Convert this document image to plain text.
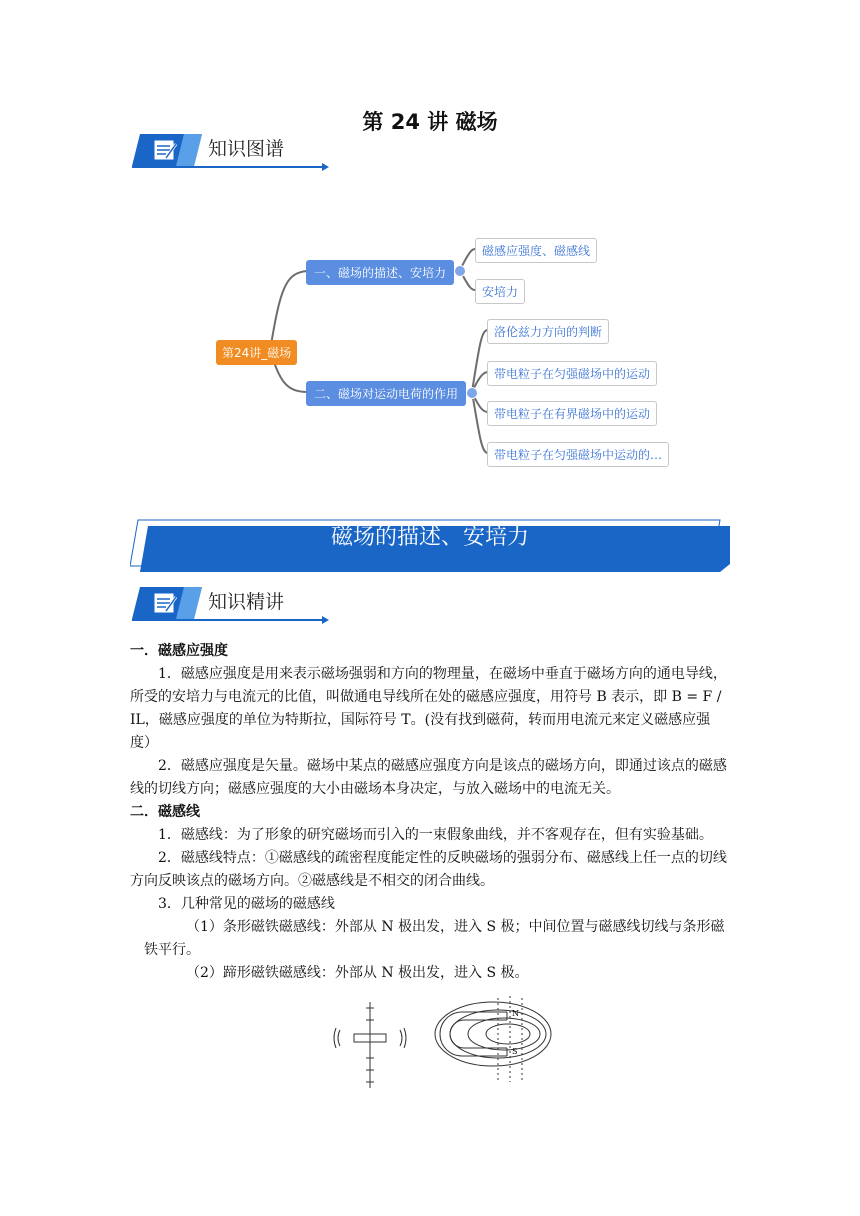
第 24 讲 磁场
知识图谱
第24讲_磁场
一、磁场的描述、安培力
磁感应强度、磁感线
安培力
二、磁场对运动电荷的作用
洛伦兹力方向的判断
带电粒子在匀强磁场中的运动
带电粒子在有界磁场中的运动
带电粒子在匀强磁场中运动的…
磁场的描述、安培力
知识精讲

一．磁感应强度

1．磁感应强度是用来表示磁场强弱和方向的物理量，在磁场中垂直于磁场方向的通电导线，所受的安培力与电流元的比值，叫做通电导线所在处的磁感应强度，用符号 B 表示，即 B = F / IL，磁感应强度的单位为特斯拉，国际符号 T。(没有找到磁荷，转而用电流元来定义磁感应强度）

2．磁感应强度是矢量。磁场中某点的磁感应强度方向是该点的磁场方向，即通过该点的磁感线的切线方向；磁感应强度的大小由磁场本身决定，与放入磁场中的电流无关。

二．磁感线

1．磁感线：为了形象的研究磁场而引入的一束假象曲线，并不客观存在，但有实验基础。

2．磁感线特点：①磁感线的疏密程度能定性的反映磁场的强弱分布、磁感线上任一点的切线方向反映该点的磁场方向。②磁感线是不相交的闭合曲线。

3．几种常见的磁场的磁感线

（1）条形磁铁磁感线：外部从 N 极出发，进入 S 极；中间位置与磁感线切线与条形磁铁平行。

（2）蹄形磁铁磁感线：外部从 N 极出发，进入 S 极。

N
S
